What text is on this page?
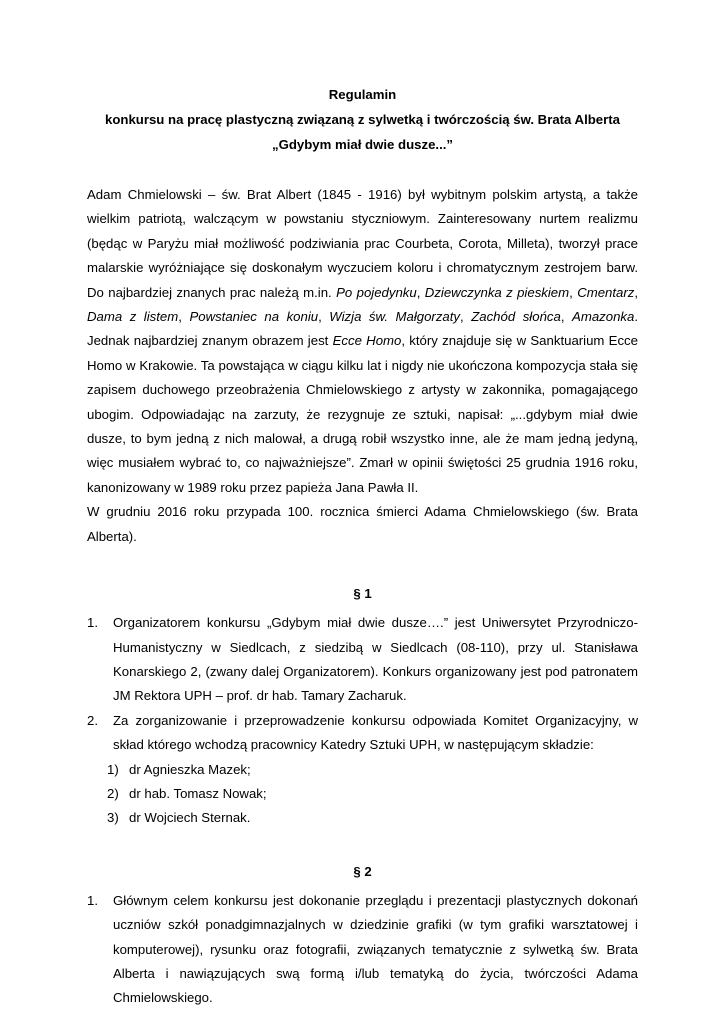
Regulamin

konkursu na pracę plastyczną związaną z sylwetką i twórczością św. Brata Alberta

„Gdybym miał dwie dusze...”

Adam Chmielowski – św. Brat Albert (1845 - 1916) był wybitnym polskim artystą, a także wielkim patriotą, walczącym w powstaniu styczniowym. Zainteresowany nurtem realizmu (będąc w Paryżu miał możliwość podziwiania prac Courbeta, Corota, Milleta), tworzył prace malarskie wyróżniające się doskonałym wyczuciem koloru i chromatycznym zestrojem barw. Do najbardziej znanych prac należą m.in. Po pojedynku, Dziewczynka z pieskiem, Cmentarz, Dama z listem, Powstaniec na koniu, Wizja św. Małgorzaty, Zachód słońca, Amazonka. Jednak najbardziej znanym obrazem jest Ecce Homo, który znajduje się w Sanktuarium Ecce Homo w Krakowie. Ta powstająca w ciągu kilku lat i nigdy nie ukończona kompozycja stała się zapisem duchowego przeobrażenia Chmielowskiego z artysty w zakonnika, pomagającego ubogim. Odpowiadając na zarzuty, że rezygnuje ze sztuki, napisał: „...gdybym miał dwie dusze, to bym jedną z nich malował, a drugą robił wszystko inne, ale że mam jedną jedyną, więc musiałem wybrać to, co najważniejsze”. Zmarł w opinii świętości 25 grudnia 1916 roku, kanonizowany w 1989 roku przez papieża Jana Pawła II.

W grudniu 2016 roku przypada 100. rocznica śmierci Adama Chmielowskiego (św. Brata Alberta).

§ 1

1. Organizatorem konkursu „Gdybym miał dwie dusze….” jest Uniwersytet Przyrodniczo-Humanistyczny w Siedlcach, z siedzibą w Siedlcach (08-110), przy ul. Stanisława Konarskiego 2, (zwany dalej Organizatorem). Konkurs organizowany jest pod patronatem JM Rektora UPH – prof. dr hab. Tamary Zacharuk.
2. Za zorganizowanie i przeprowadzenie konkursu odpowiada Komitet Organizacyjny, w skład którego wchodzą pracownicy Katedry Sztuki UPH, w następującym składzie:
1) dr Agnieszka Mazek;
2) dr hab. Tomasz Nowak;
3) dr Wojciech Sternak.

§ 2

1. Głównym celem konkursu jest dokonanie przeglądu i prezentacji plastycznych dokonań uczniów szkół ponadgimnazjalnych w dziedzinie grafiki (w tym grafiki warsztatowej i komputerowej), rysunku oraz fotografii, związanych tematycznie z sylwetką św. Brata Alberta i nawiązujących swą formą i/lub tematyką do życia, twórczości Adama Chmielowskiego.
